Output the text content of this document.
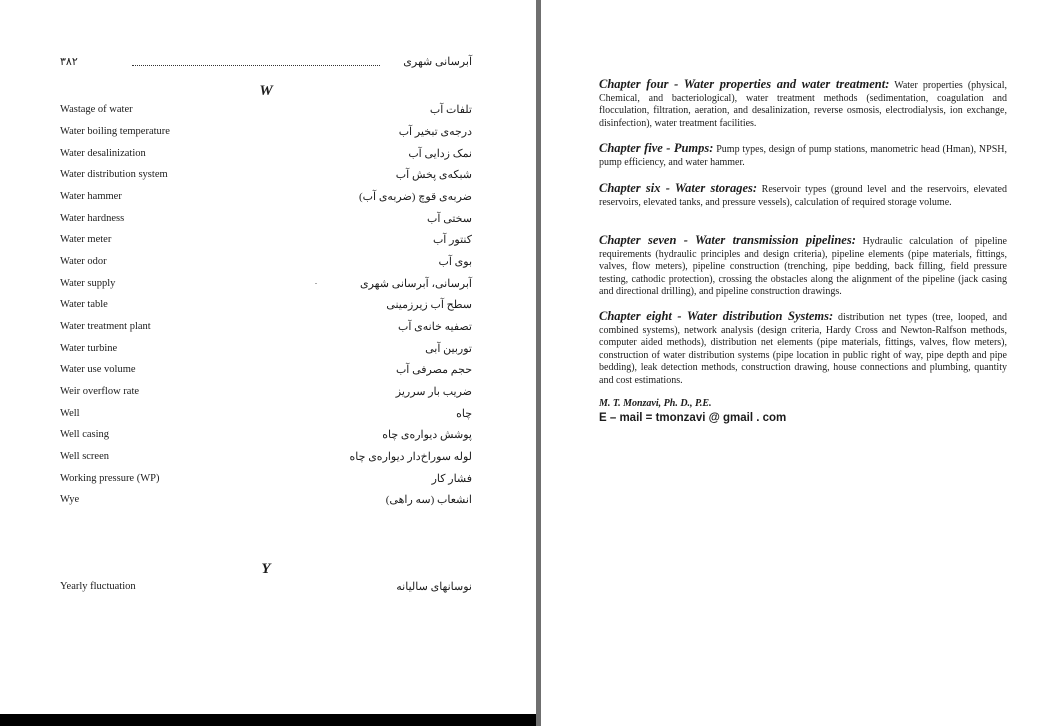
۳۸۲	آبرسانی شهری
W
Wastage of water	تلفات آب
Water boiling temperature	درجه‌ی تبخیر آب
Water desalinization	نمک زدایی آب
Water distribution system	شبکه‌ی پخش آب
Water hammer	ضربه‌ی قوچ (ضربه‌ی آب)
Water hardness	سختی آب
Water meter	کنتور آب
Water odor	بوی آب
Water supply	آبرسانی، آبرسانی شهری
Water table	سطح آب زیرزمینی
Water treatment plant	تصفیه خانه‌ی آب
Water turbine	توربین آبی
Water use volume	حجم مصرفی آب
Weir overflow rate	ضریب بار سرریز
Well	چاه
Well casing	پوشش دیواره‌ی چاه
Well screen	لوله سوراخ‌دار دیواره‌ی چاه
Working pressure (WP)	فشار کار
Wye	انشعاب (سه راهی)
Y
Yearly fluctuation	نوسانهای سالیانه
Chapter four - Water properties and water treatment: Water properties (physical, Chemical, and bacteriological), water treatment methods (sedimentation, coagulation and flocculation, filtration, aeration, and desalinization, reverse osmosis, electrodialysis, ion exchange, disinfection), water treatment facilities.
Chapter five - Pumps: Pump types, design of pump stations, manometric head (Hman), NPSH, pump efficiency, and water hammer.
Chapter six - Water storages: Reservoir types (ground level and the reservoirs, elevated reservoirs, elevated tanks, and pressure vessels), calculation of required storage volume.
Chapter seven - Water transmission pipelines: Hydraulic calculation of pipeline requirements (hydraulic principles and design criteria), pipeline elements (pipe materials, fittings, valves, flow meters), pipeline construction (trenching, pipe bedding, back filling, field pressure testing, cathodic protection), crossing the obstacles along the alignment of the pipeline (jack casing and directional drilling), and pipeline construction drawings.
Chapter eight - Water distribution Systems: distribution net types (tree, looped, and combined systems), network analysis (design criteria, Hardy Cross and Newton-Ralfson methods, computer aided methods), distribution net elements (pipe materials, fittings, valves, flow meters), construction of water distribution systems (pipe location in public right of way, pipe depth and pipe bedding), leak detection methods, construction drawing, house connections and plumbing, quantity and cost estimations.
M. T. Monzavi, Ph. D., P.E.
E – mail = tmonzavi @ gmail . com
